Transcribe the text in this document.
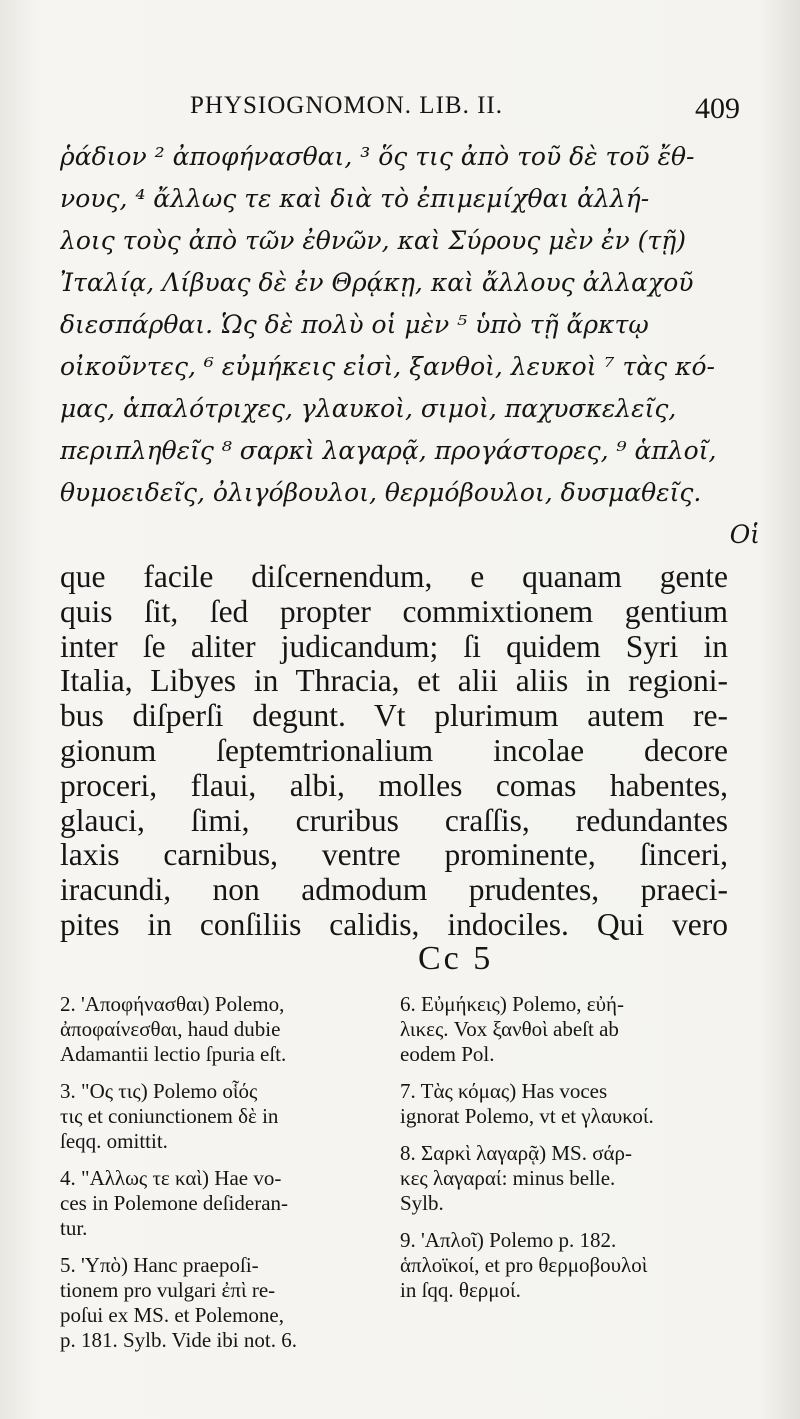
PHYSIOGNOMON. LIB. II.	409
ῥάδιον ² ἀποφήνασθαι, ³ ὅς τις ἀπὸ τοῦ δὲ τοῦ ἔθ-
νους, ⁴ ἄλλως τε καὶ διὰ τὸ ἐπιμεμίχθαι ἀλλή-
λοις τοὺς ἀπὸ τῶν ἐθνῶν, καὶ Σύρους μὲν ἐν (τῇ)
Ἰταλίᾳ, Λίβυας δὲ ἐν Θρᾴκῃ, καὶ ἄλλους ἀλλαχοῦ
διεσπάρθαι. Ὡς δὲ πολὺ οἱ μὲν ⁵ ὑπὸ τῇ ἄρκτῳ
οἰκοῦντες, ⁶ εὐμήκεις εἰσὶ, ξανθοὶ, λευκοὶ ⁷ τὰς κό-
μας, ἁπαλότριχες, γλαυκοὶ, σιμοὶ, παχυσκελεῖς,
περιπληθεῖς ⁸ σαρκὶ λαγαρᾷ, προγάστορες, ⁹ ἁπλοῖ,
θυμοειδεῖς, ὀλιγόβουλοι, θερμόβουλοι, δυσμαθεῖς.
Οἱ
que facile diſcernendum, e quanam gente
quis ſit, ſed propter commixtionem gentium
inter ſe aliter judicandum; ſi quidem Syri in
Italia, Libyes in Thracia, et alii aliis in regioni-
bus diſperſi degunt. Vt plurimum autem re-
gionum ſeptemtrionalium incolae decore
proceri, flaui, albi, molles comas habentes,
glauci, ſimi, cruribus craſſis, redundantes
laxis carnibus, ventre prominente, ſinceri,
iracundi, non admodum prudentes, praeci-
pites in conſiliis calidis, indociles. Qui vero
Cc 5
2. 'Αποφήνασθαι) Polemo,
ἀποφαίνεσθαι, haud dubie
Adamantii lectio ſpuria eſt.
3. "Ος τις) Polemo οἷός
τις et coniunctionem δὲ in
ſeqq. omittit.
4. "Αλλως τε καὶ) Hae vo-
ces in Polemone deſideran-
tur.
5. 'Υπὸ) Hanc praepoſi-
tionem pro vulgari ἐπὶ re-
poſui ex MS. et Polemone,
p. 181. Sylb. Vide ibi not. 6.
6. Εὐμήκεις) Polemo, εὐή-
λικες. Vox ξανθοὶ abeſt ab
eodem Pol.
7. Τὰς κόμας) Has voces
ignorat Polemo, vt et γλαυκοί.
8. Σαρκὶ λαγαρᾷ) MS. σάρ-
κες λαγαραί: minus belle.
Sylb.
9. 'Απλοῖ) Polemo p. 182.
ἁπλοϊκοί, et pro θερμοβουλοὶ
in ſqq. θερμοί.
